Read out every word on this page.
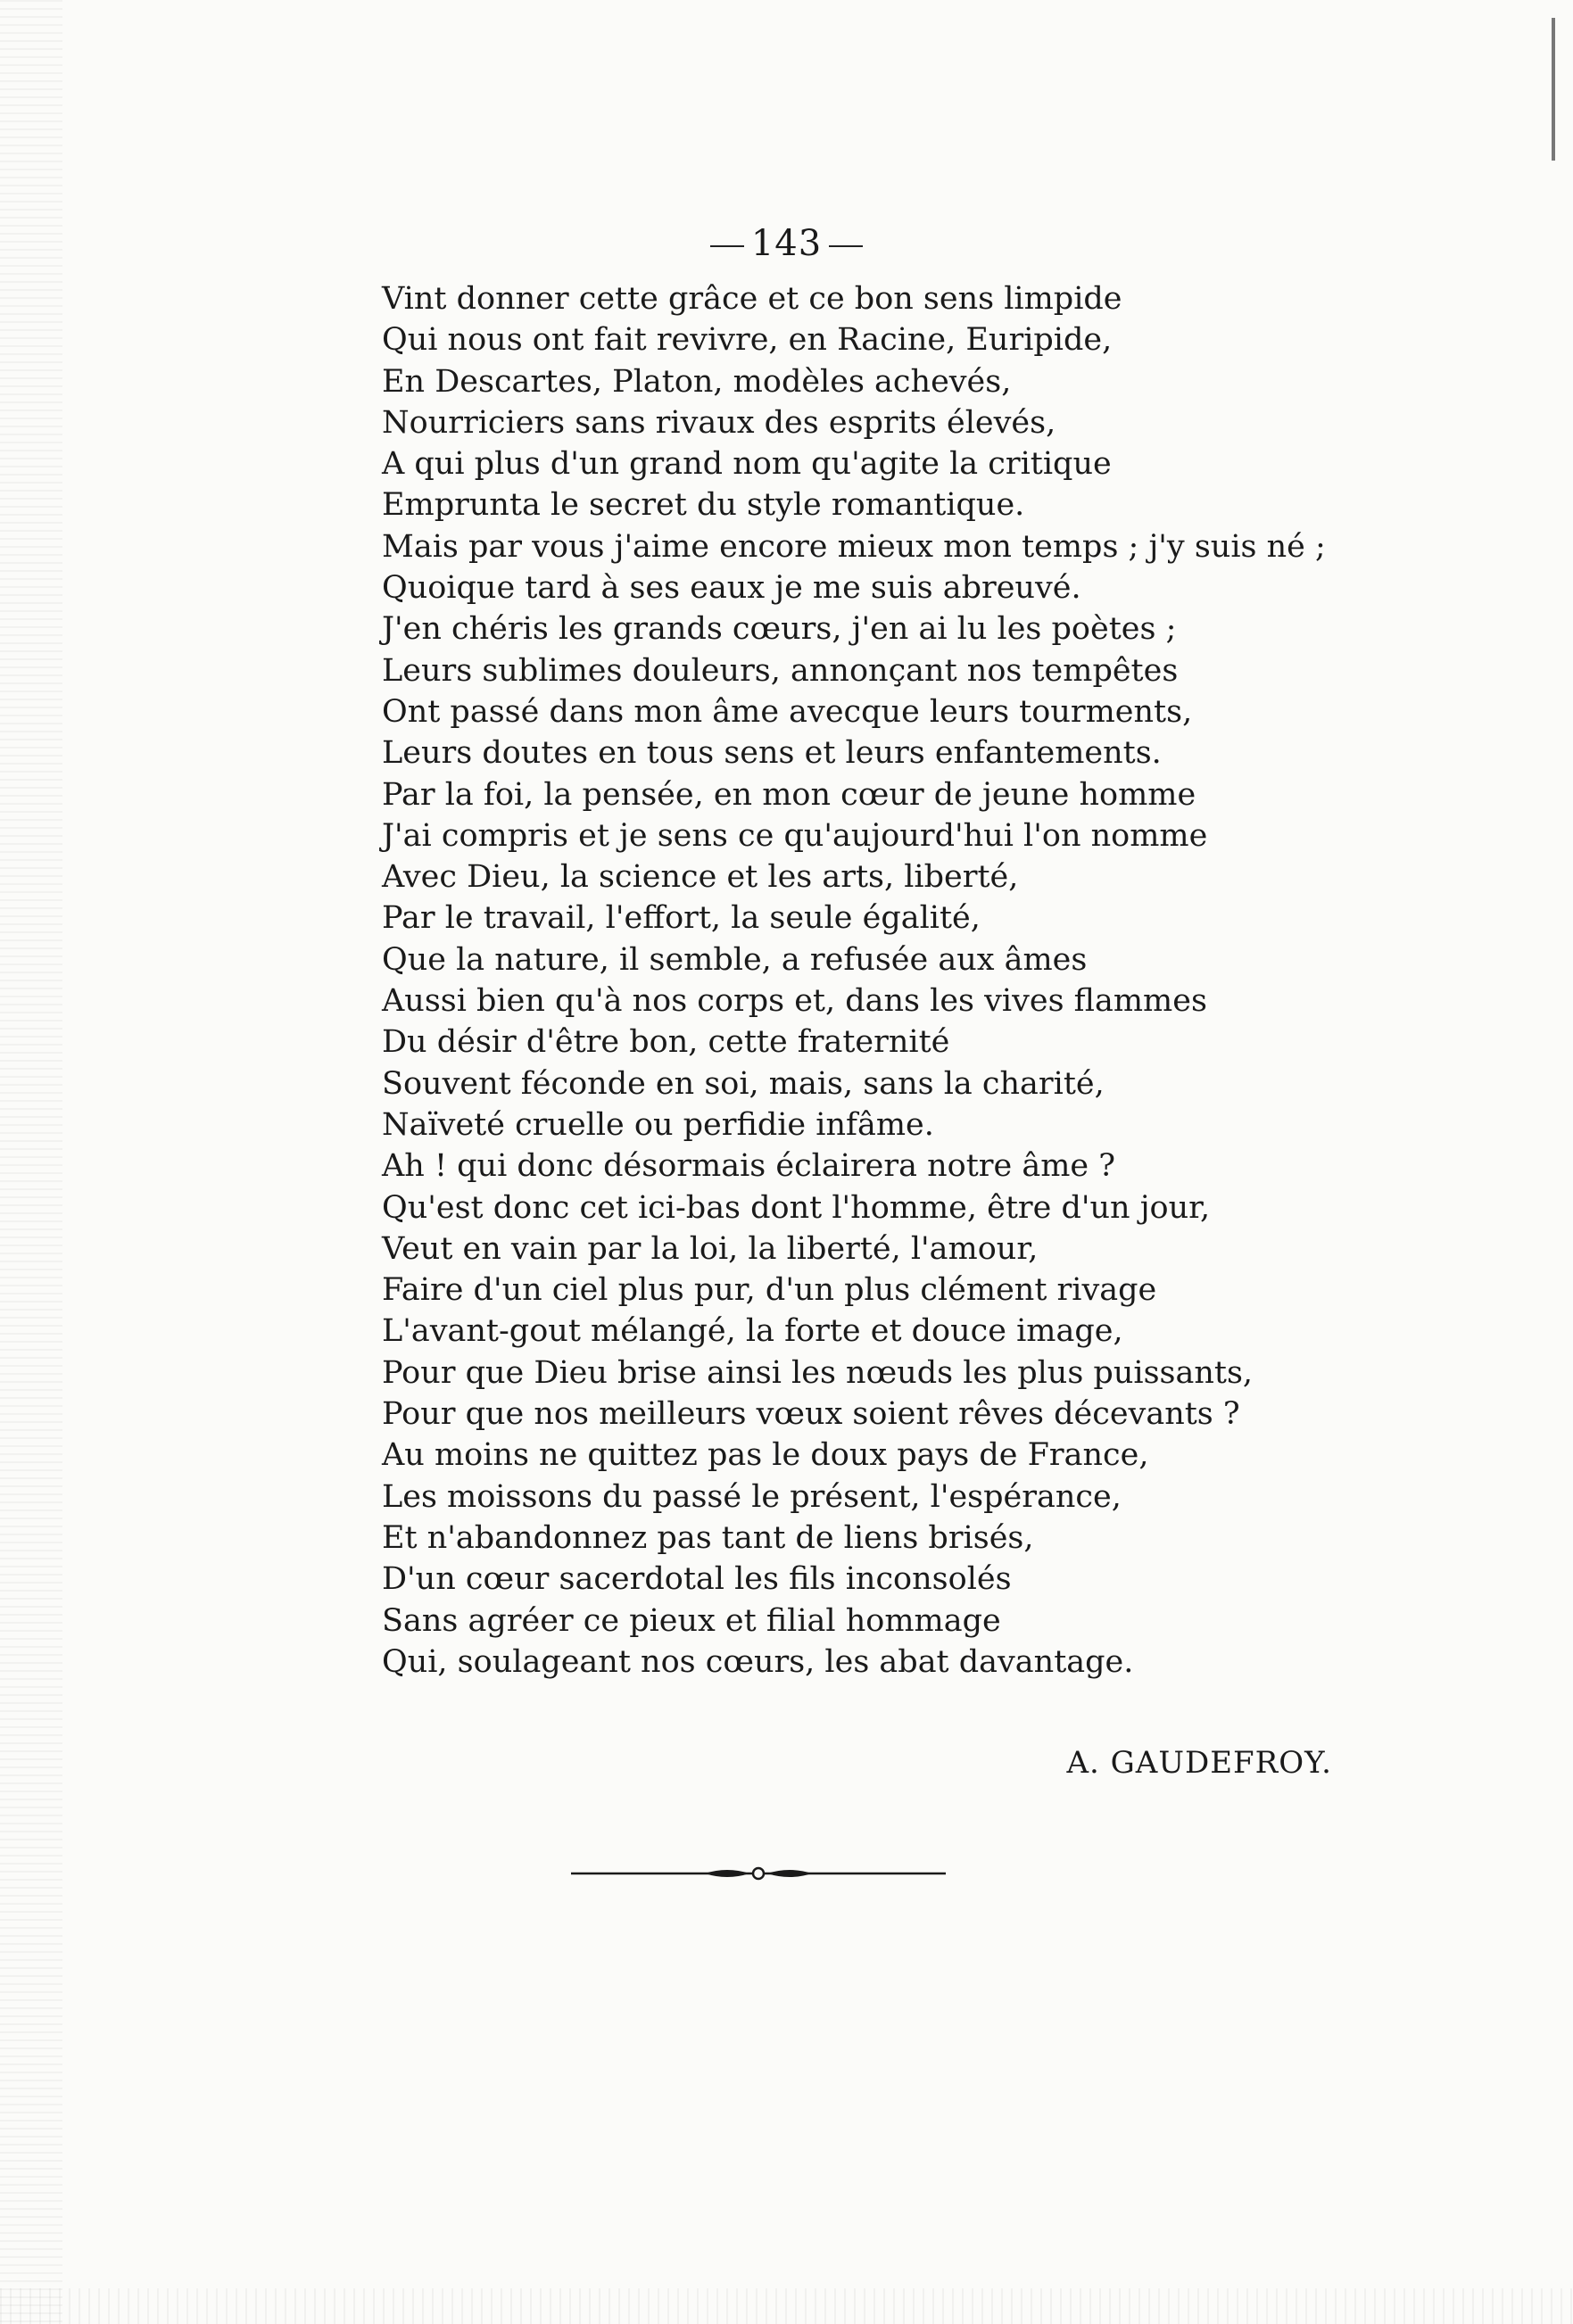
143
Vint donner cette grâce et ce bon sens limpide
Qui nous ont fait revivre, en Racine, Euripide,
En Descartes, Platon, modèles achevés,
Nourriciers sans rivaux des esprits élevés,
A qui plus d'un grand nom qu'agite la critique
Emprunta le secret du style romantique.
Mais par vous j'aime encore mieux mon temps ; j'y suis né ;
Quoique tard à ses eaux je me suis abreuvé.
J'en chéris les grands cœurs, j'en ai lu les poètes ;
Leurs sublimes douleurs, annonçant nos tempêtes
Ont passé dans mon âme avecque leurs tourments,
Leurs doutes en tous sens et leurs enfantements.
Par la foi, la pensée, en mon cœur de jeune homme
J'ai compris et je sens ce qu'aujourd'hui l'on nomme
Avec Dieu, la science et les arts, liberté,
Par le travail, l'effort, la seule égalité,
Que la nature, il semble, a refusée aux âmes
Aussi bien qu'à nos corps et, dans les vives flammes
Du désir d'être bon, cette fraternité
Souvent féconde en soi, mais, sans la charité,
Naïveté cruelle ou perfidie infâme.
Ah ! qui donc désormais éclairera notre âme ?
Qu'est donc cet ici-bas dont l'homme, être d'un jour,
Veut en vain par la loi, la liberté, l'amour,
Faire d'un ciel plus pur, d'un plus clément rivage
L'avant-gout mélangé, la forte et douce image,
Pour que Dieu brise ainsi les nœuds les plus puissants,
Pour que nos meilleurs vœux soient rêves décevants ?
Au moins ne quittez pas le doux pays de France,
Les moissons du passé le présent, l'espérance,
Et n'abandonnez pas tant de liens brisés,
D'un cœur sacerdotal les fils inconsolés
Sans agréer ce pieux et filial hommage
Qui, soulageant nos cœurs, les abat davantage.
A. GAUDEFROY.
